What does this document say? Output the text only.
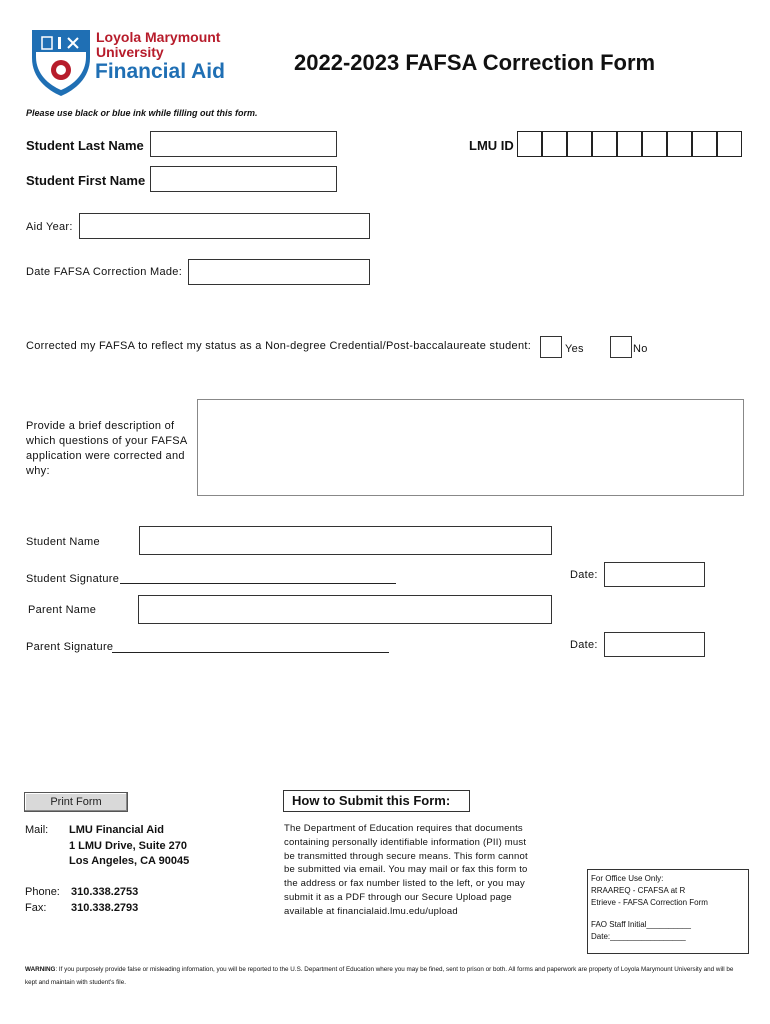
Loyola Marymount
University
Financial Aid	2022-2023 FAFSA Correction Form
Please use black or blue ink while filling out this form.
Student Last Name
Student First Name
LMU ID
Aid Year:
Date FAFSA Correction Made:
Corrected my FAFSA to reflect my status as a Non-degree Credential/Post-baccalaureate student:	Yes	No
Provide a brief description of which questions of your FAFSA application were corrected and why:
Student Name
Student Signature	Date:
Parent Name
Parent Signature	Date:
Print Form	How to Submit this Form:
The Department of Education requires that documents containing personally identifiable information (PII) must be transmitted through secure means. This form cannot be submitted via email. You may mail or fax this form to the address or fax number listed to the left, or you may submit it as a PDF through our Secure Upload page available at financialaid.lmu.edu/upload
Mail: LMU Financial Aid
1 LMU Drive, Suite 270
Los Angeles, CA 90045
Phone: 310.338.2753
Fax: 310.338.2793
For Office Use Only:
RRAAREQ - CFAFSA at R
Etrieve - FAFSA Correction Form
FAO Staff Initial__________
Date:_________________
WARNING: If you purposely provide false or misleading information, you will be reported to the U.S. Department of Education where you may be fined, sent to prison or both. All forms and paperwork are property of Loyola Marymount University and will be kept and maintain with student's file.
